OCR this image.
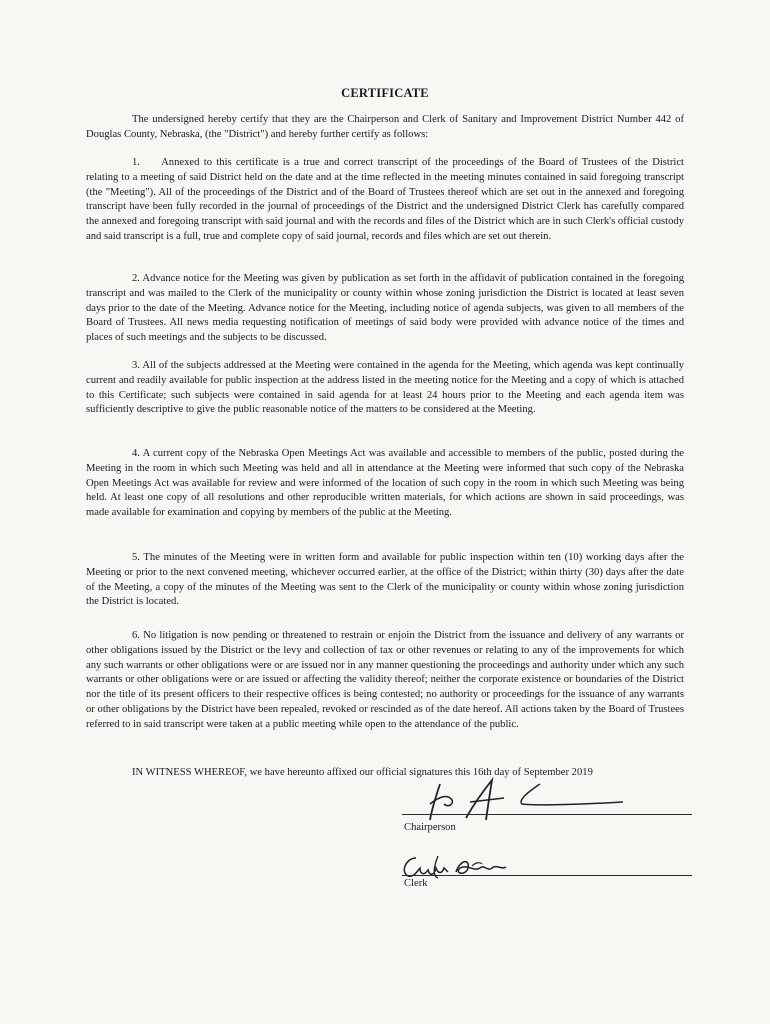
CERTIFICATE

The undersigned hereby certify that they are the Chairperson and Clerk of Sanitary and Improvement District Number 442 of Douglas County, Nebraska, (the "District") and hereby further certify as follows:

1.  Annexed to this certificate is a true and correct transcript of the proceedings of the Board of Trustees of the District relating to a meeting of said District held on the date and at the time reflected in the meeting minutes contained in said foregoing transcript (the "Meeting"). All of the proceedings of the District and of the Board of Trustees thereof which are set out in the annexed and foregoing transcript have been fully recorded in the journal of proceedings of the District and the undersigned District Clerk has carefully compared the annexed and foregoing transcript with said journal and with the records and files of the District which are in such Clerk's official custody and said transcript is a full, true and complete copy of said journal, records and files which are set out therein.

2. Advance notice for the Meeting was given by publication as set forth in the affidavit of publication contained in the foregoing transcript and was mailed to the Clerk of the municipality or county within whose zoning jurisdiction the District is located at least seven days prior to the date of the Meeting. Advance notice for the Meeting, including notice of agenda subjects, was given to all members of the Board of Trustees. All news media requesting notification of meetings of said body were provided with advance notice of the times and places of such meetings and the subjects to be discussed.

3. All of the subjects addressed at the Meeting were contained in the agenda for the Meeting, which agenda was kept continually current and readily available for public inspection at the address listed in the meeting notice for the Meeting and a copy of which is attached to this Certificate; such subjects were contained in said agenda for at least 24 hours prior to the Meeting and each agenda item was sufficiently descriptive to give the public reasonable notice of the matters to be considered at the Meeting.

4. A current copy of the Nebraska Open Meetings Act was available and accessible to members of the public, posted during the Meeting in the room in which such Meeting was held and all in attendance at the Meeting were informed that such copy of the Nebraska Open Meetings Act was available for review and were informed of the location of such copy in the room in which such Meeting was being held. At least one copy of all resolutions and other reproducible written materials, for which actions are shown in said proceedings, was made available for examination and copying by members of the public at the Meeting.

5. The minutes of the Meeting were in written form and available for public inspection within ten (10) working days after the Meeting or prior to the next convened meeting, whichever occurred earlier, at the office of the District; within thirty (30) days after the date of the Meeting, a copy of the minutes of the Meeting was sent to the Clerk of the municipality or county within whose zoning jurisdiction the District is located.

6. No litigation is now pending or threatened to restrain or enjoin the District from the issuance and delivery of any warrants or other obligations issued by the District or the levy and collection of tax or other revenues or relating to any of the improvements for which any such warrants or other obligations were or are issued nor in any manner questioning the proceedings and authority under which any such warrants or other obligations were or are issued or affecting the validity thereof; neither the corporate existence or boundaries of the District nor the title of its present officers to their respective offices is being contested; no authority or proceedings for the issuance of any warrants or other obligations by the District have been repealed, revoked or rescinded as of the date hereof. All actions taken by the Board of Trustees referred to in said transcript were taken at a public meeting while open to the attendance of the public.

IN WITNESS WHEREOF, we have hereunto affixed our official signatures this 16th day of September 2019
Chairperson
Clerk
